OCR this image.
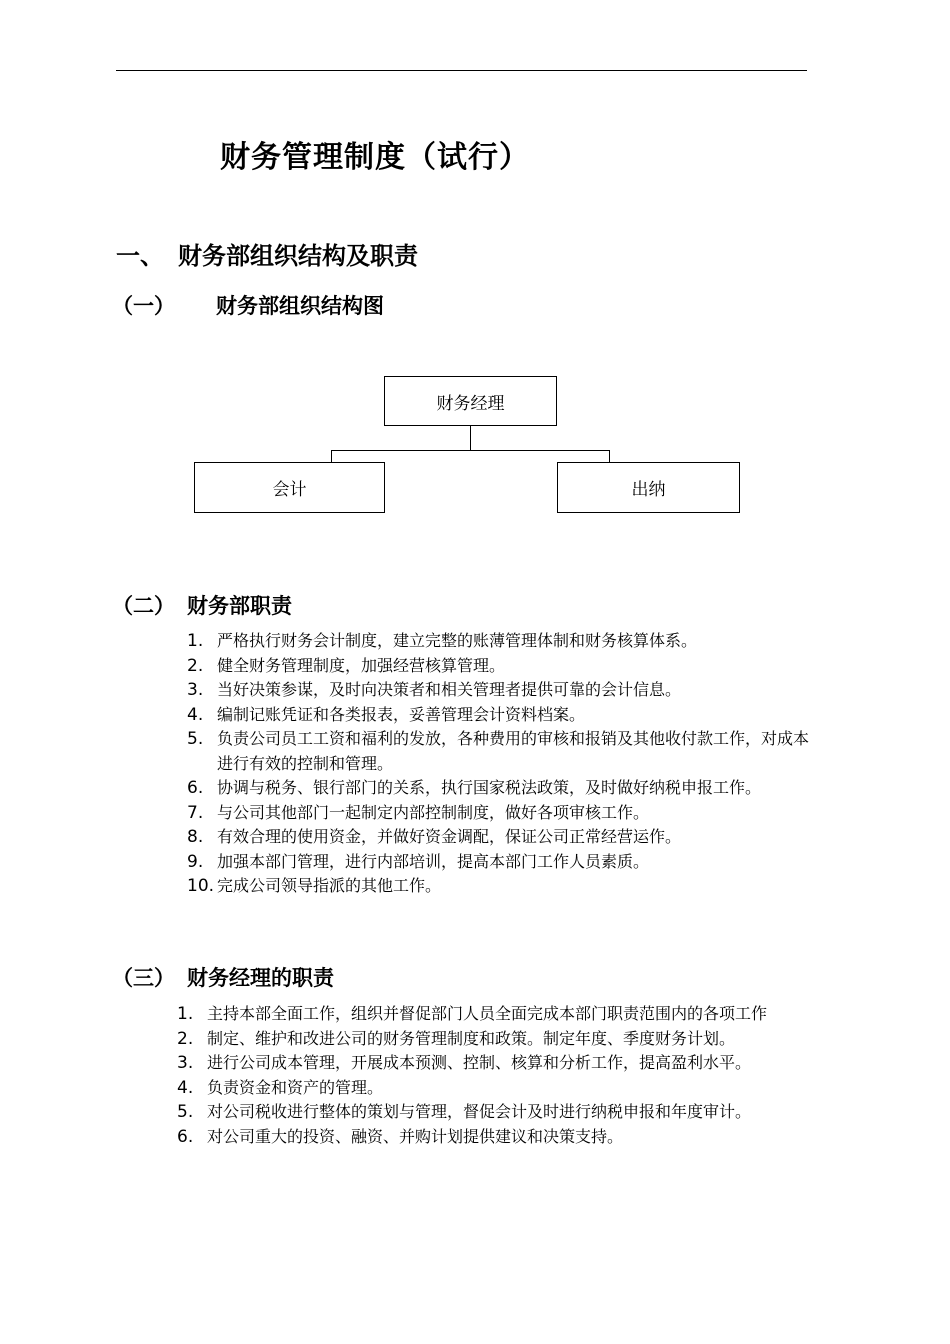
财务管理制度（试行）
一、 财务部组织结构及职责
（一） 财务部组织结构图
财务经理
会计	出纳
（二） 财务部职责
1. 严格执行财务会计制度，建立完整的账薄管理体制和财务核算体系。
2. 健全财务管理制度，加强经营核算管理。
3. 当好决策参谋，及时向决策者和相关管理者提供可靠的会计信息。
4. 编制记账凭证和各类报表，妥善管理会计资料档案。
5. 负责公司员工工资和福利的发放，各种费用的审核和报销及其他收付款工作，对成本进行有效的控制和管理。
6. 协调与税务、银行部门的关系，执行国家税法政策，及时做好纳税申报工作。
7. 与公司其他部门一起制定内部控制制度，做好各项审核工作。
8. 有效合理的使用资金，并做好资金调配，保证公司正常经营运作。
9. 加强本部门管理，进行内部培训，提高本部门工作人员素质。
10. 完成公司领导指派的其他工作。
（三） 财务经理的职责
1. 主持本部全面工作，组织并督促部门人员全面完成本部门职责范围内的各项工作
2. 制定、维护和改进公司的财务管理制度和政策。制定年度、季度财务计划。
3. 进行公司成本管理，开展成本预测、控制、核算和分析工作，提高盈利水平。
4. 负责资金和资产的管理。
5. 对公司税收进行整体的策划与管理，督促会计及时进行纳税申报和年度审计。
6. 对公司重大的投资、融资、并购计划提供建议和决策支持。
